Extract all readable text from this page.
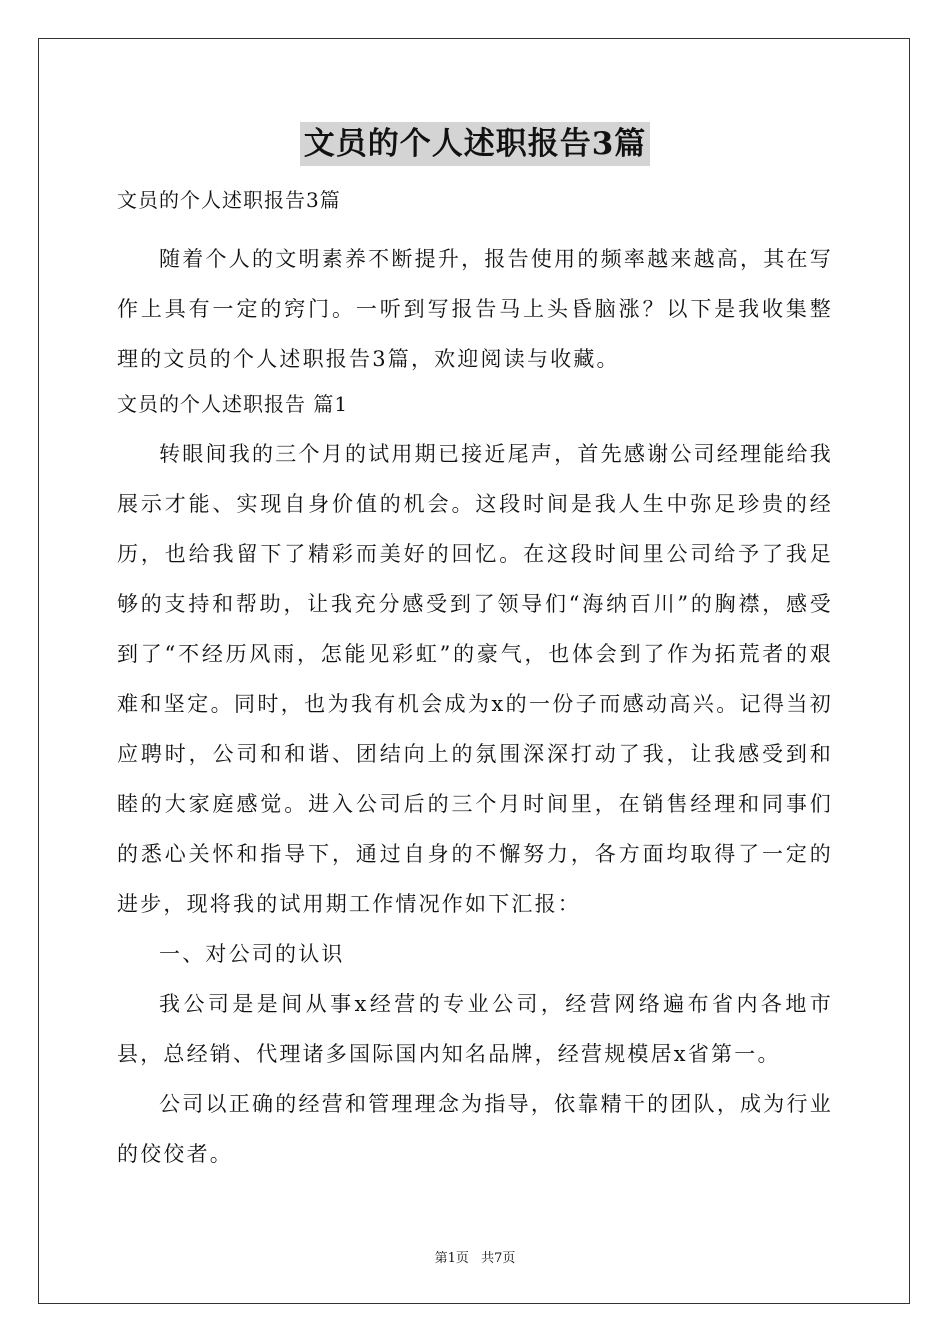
文员的个人述职报告3篇

文员的个人述职报告3篇

随着个人的文明素养不断提升，报告使用的频率越来越高，其在写作上具有一定的窍门。一听到写报告马上头昏脑涨？以下是我收集整理的文员的个人述职报告3篇，欢迎阅读与收藏。

文员的个人述职报告 篇1

转眼间我的三个月的试用期已接近尾声，首先感谢公司经理能给我展示才能、实现自身价值的机会。这段时间是我人生中弥足珍贵的经历，也给我留下了精彩而美好的回忆。在这段时间里公司给予了我足够的支持和帮助，让我充分感受到了领导们“海纳百川”的胸襟，感受到了“不经历风雨，怎能见彩虹”的豪气，也体会到了作为拓荒者的艰难和坚定。同时，也为我有机会成为x的一份子而感动高兴。记得当初应聘时，公司和和谐、团结向上的氛围深深打动了我，让我感受到和睦的大家庭感觉。进入公司后的三个月时间里，在销售经理和同事们的悉心关怀和指导下，通过自身的不懈努力，各方面均取得了一定的进步，现将我的试用期工作情况作如下汇报：

一、对公司的认识

我公司是是间从事x经营的专业公司，经营网络遍布省内各地市县，总经销、代理诸多国际国内知名品牌，经营规模居x省第一。

公司以正确的经营和管理理念为指导，依靠精干的团队，成为行业的佼佼者。

第1页 共7页
